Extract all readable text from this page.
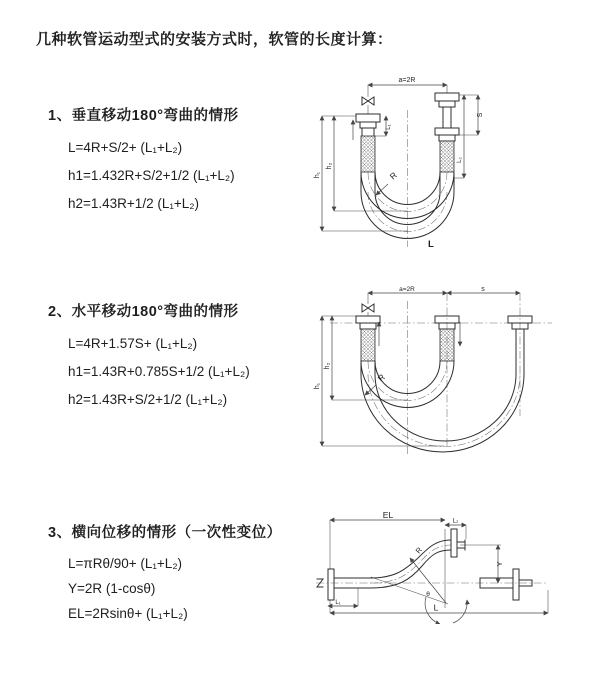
几种软管运动型式的安装方式时，软管的长度计算：
1、垂直移动180°弯曲的情形

L=4R+S/2+ (L₁+L₂)

h1=1.432R+S/2+1/2 (L₁+L₂)

h2=1.43R+1/2 (L₁+L₂)

2、水平移动180°弯曲的情形

L=4R+1.57S+ (L₁+L₂)

h1=1.43R+0.785S+1/2 (L₁+L₂)

h2=1.43R+S/2+1/2 (L₁+L₂)

3、横向位移的情形（一次性变位）

L=πRθ/90+ (L₁+L₂)

Y=2R (1-cosθ)

EL=2Rsinθ+ (L₁+L₂)

a=2R
h₁
h₂
L₁
L₂
S
R
L
a=2R	s
h₁
h₂
R
EL
L₂
L
L₁
Y
R
θ
